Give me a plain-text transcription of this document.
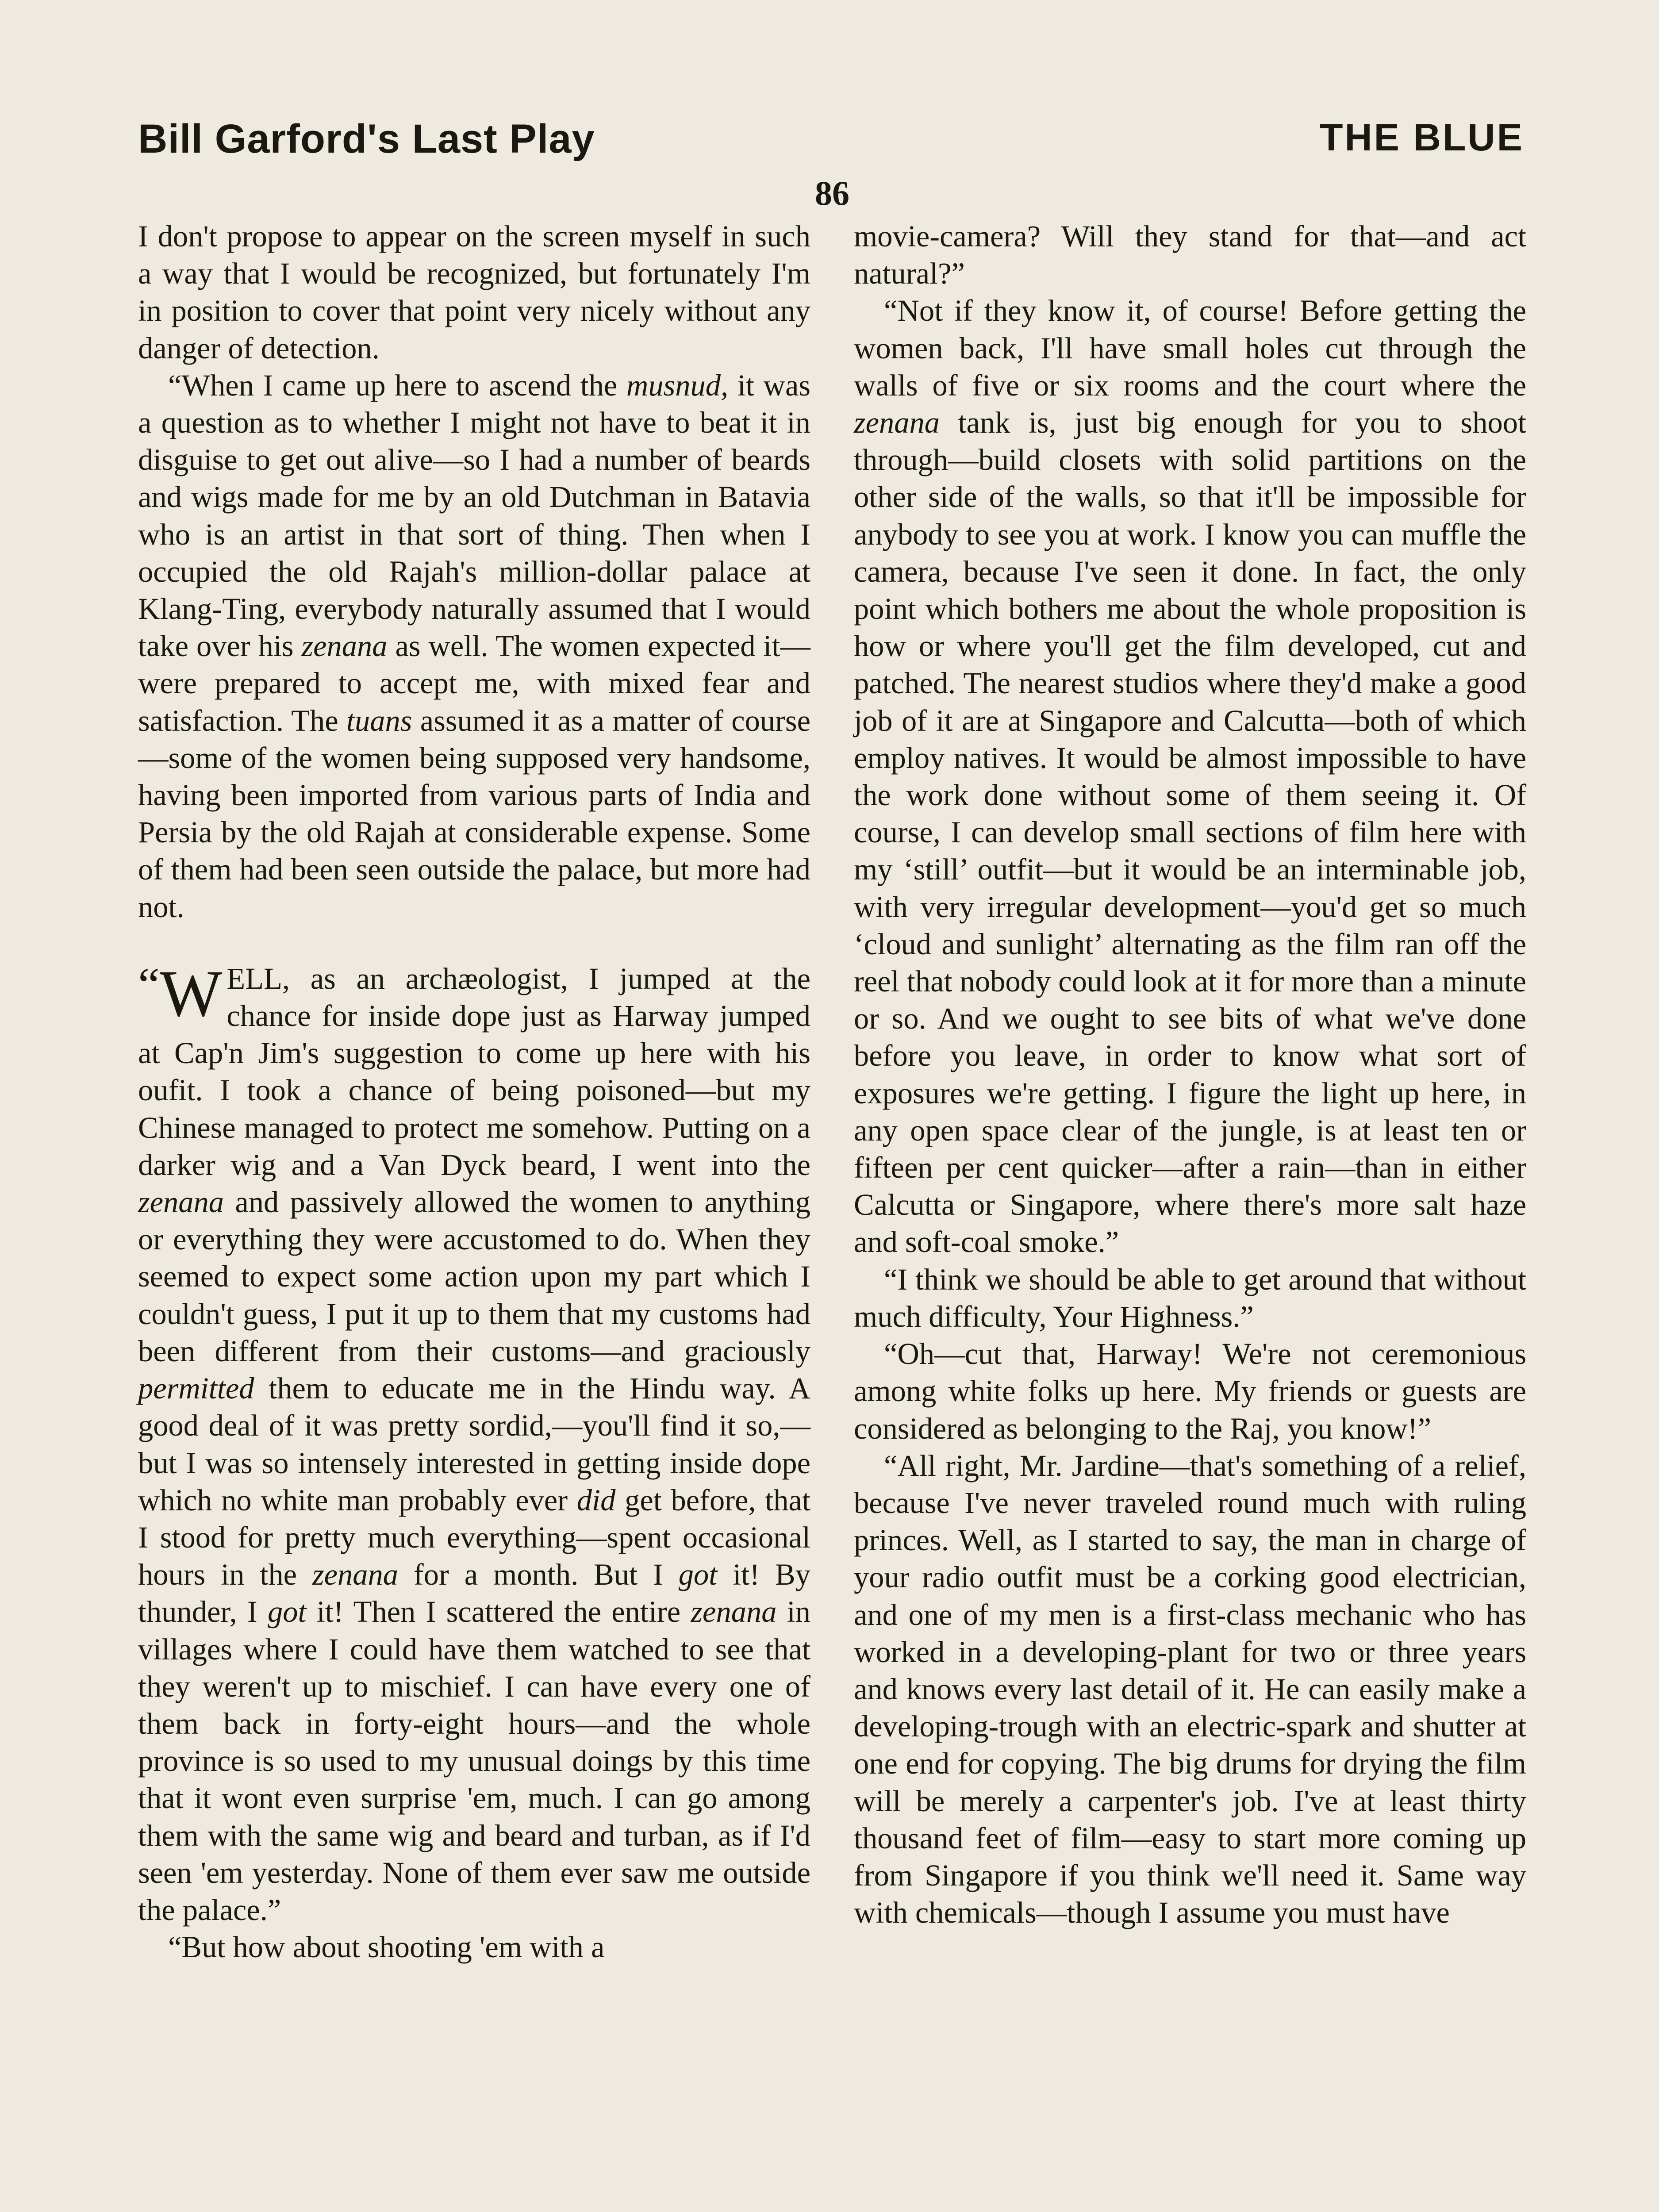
Bill Garford's Last Play	THE BLUE
86

I don't propose to appear on the screen myself in such a way that I would be recognized, but fortunately I'm in position to cover that point very nicely without any danger of detection.

“When I came up here to ascend the musnud, it was a question as to whether I might not have to beat it in disguise to get out alive—so I had a number of beards and wigs made for me by an old Dutchman in Batavia who is an artist in that sort of thing. Then when I occupied the old Rajah's million-dollar palace at Klang-Ting, everybody naturally assumed that I would take over his zenana as well. The women expected it—were prepared to accept me, with mixed fear and satisfaction. The tuans assumed it as a matter of course—some of the women being supposed very handsome, having been imported from various parts of India and Persia by the old Rajah at considerable expense. Some of them had been seen outside the palace, but more had not.

“W ELL, as an archæologist, I jumped at the chance for inside dope just as Harway jumped at Cap'n Jim's suggestion to come up here with his oufit. I took a chance of being poisoned—but my Chinese managed to protect me somehow. Putting on a darker wig and a Van Dyck beard, I went into the zenana and passively allowed the women to anything or everything they were accustomed to do. When they seemed to expect some action upon my part which I couldn't guess, I put it up to them that my customs had been different from their customs—and graciously permitted them to educate me in the Hindu way. A good deal of it was pretty sordid,—you'll find it so,—but I was so intensely interested in getting inside dope which no white man probably ever did get before, that I stood for pretty much everything—spent occasional hours in the zenana for a month. But I got it! By thunder, I got it! Then I scattered the entire zenana in villages where I could have them watched to see that they weren't up to mischief. I can have every one of them back in forty-eight hours—and the whole province is so used to my unusual doings by this time that it wont even surprise 'em, much. I can go among them with the same wig and beard and turban, as if I'd seen 'em yesterday. None of them ever saw me outside the palace.”

“But how about shooting 'em with a

movie-camera? Will they stand for that—and act natural?”

“Not if they know it, of course! Before getting the women back, I'll have small holes cut through the walls of five or six rooms and the court where the zenana tank is, just big enough for you to shoot through—build closets with solid partitions on the other side of the walls, so that it'll be impossible for anybody to see you at work. I know you can muffle the camera, because I've seen it done. In fact, the only point which bothers me about the whole proposition is how or where you'll get the film developed, cut and patched. The nearest studios where they'd make a good job of it are at Singapore and Calcutta—both of which employ natives. It would be almost impossible to have the work done without some of them seeing it. Of course, I can develop small sections of film here with my ‘still’ outfit—but it would be an interminable job, with very irregular development—you'd get so much ‘cloud and sunlight’ alternating as the film ran off the reel that nobody could look at it for more than a minute or so. And we ought to see bits of what we've done before you leave, in order to know what sort of exposures we're getting. I figure the light up here, in any open space clear of the jungle, is at least ten or fifteen per cent quicker—after a rain—than in either Calcutta or Singapore, where there's more salt haze and soft-coal smoke.”

“I think we should be able to get around that without much difficulty, Your Highness.”

“Oh—cut that, Harway! We're not ceremonious among white folks up here. My friends or guests are considered as belonging to the Raj, you know!”

“All right, Mr. Jardine—that's something of a relief, because I've never traveled round much with ruling princes. Well, as I started to say, the man in charge of your radio outfit must be a corking good electrician, and one of my men is a first-class mechanic who has worked in a developing-plant for two or three years and knows every last detail of it. He can easily make a developing-trough with an electric-spark and shutter at one end for copying. The big drums for drying the film will be merely a carpenter's job. I've at least thirty thousand feet of film—easy to start more coming up from Singapore if you think we'll need it. Same way with chemicals—though I assume you must have
